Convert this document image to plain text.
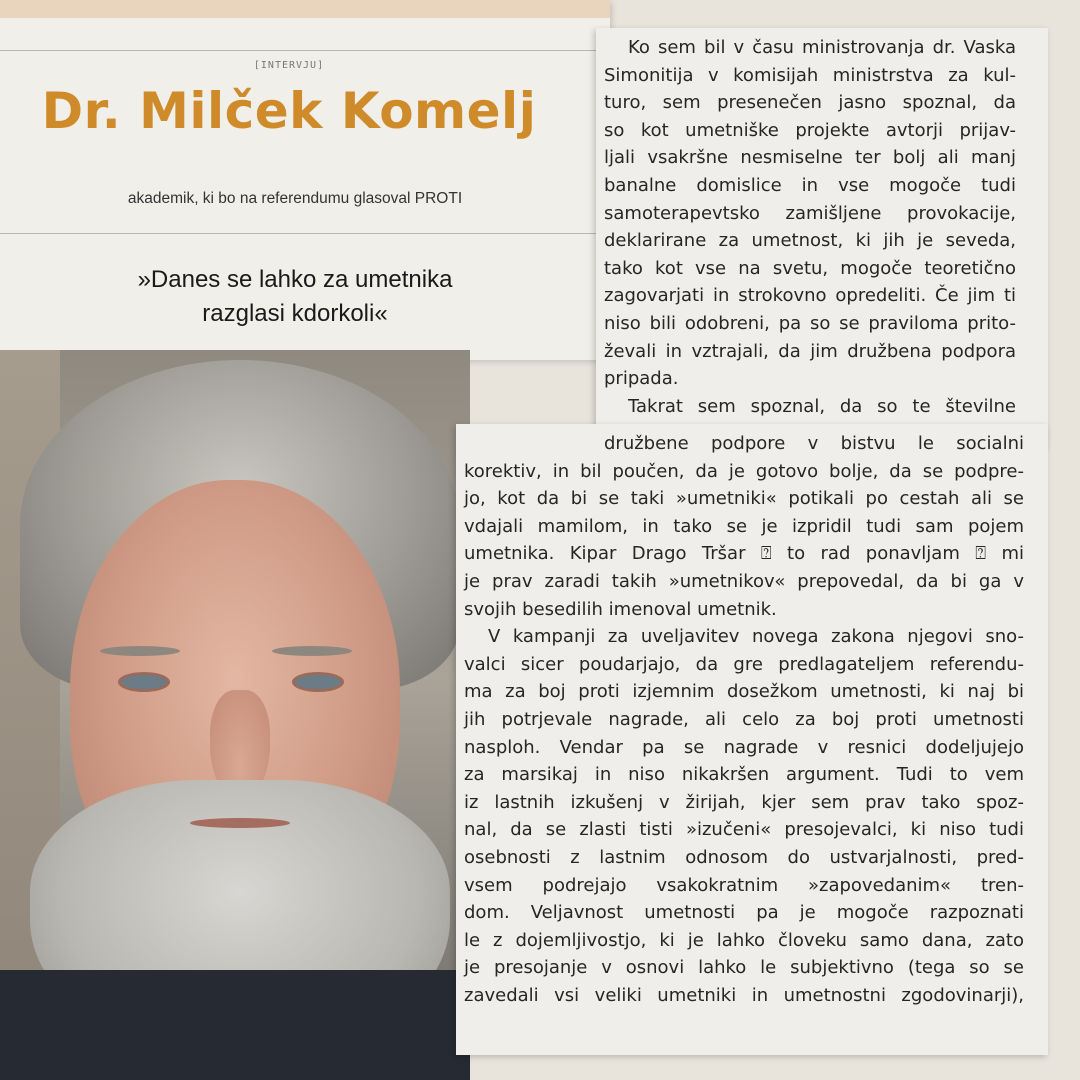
[INTERVJU]
Dr. Milček Komelj
akademik, ki bo na referendumu glasoval PROTI
»Danes se lahko za umetnika
razglasi kdorkoli«
Ko sem bil v času ministrovanja dr. Vaska
Simonitija v komisijah ministrstva za kul-
turo, sem presenečen jasno spoznal, da
so kot umetniške projekte avtorji prijav-
ljali vsakršne nesmiselne ter bolj ali manj
banalne domislice in vse mogoče tudi
samoterapevtsko zamišljene provokacije,
deklarirane za umetnost, ki jih je seveda,
tako kot vse na svetu, mogoče teoretično
zagovarjati in strokovno opredeliti. Če jim ti
niso bili odobreni, pa so se praviloma prito-
ževali in vztrajali, da jim družbena podpora
pripada.
Takrat sem spoznal, da so te številne
družbene podpore v bistvu le socialni
korektiv, in bil poučen, da je gotovo bolje, da se podpre-
jo, kot da bi se taki »umetniki« potikali po cestah ali se
vdajali mamilom, in tako se je izpridil tudi sam pojem
umetnika. Kipar Drago Tršar ⍰ to rad ponavljam ⍰ mi
je prav zaradi takih »umetnikov« prepovedal, da bi ga v
svojih besedilih imenoval umetnik.
V kampanji za uveljavitev novega zakona njegovi sno-
valci sicer poudarjajo, da gre predlagateljem referendu-
ma za boj proti izjemnim dosežkom umetnosti, ki naj bi
jih potrjevale nagrade, ali celo za boj proti umetnosti
nasploh. Vendar pa se nagrade v resnici dodeljujejo
za marsikaj in niso nikakršen argument. Tudi to vem
iz lastnih izkušenj v žirijah, kjer sem prav tako spoz-
nal, da se zlasti tisti »izučeni« presojevalci, ki niso tudi
osebnosti z lastnim odnosom do ustvarjalnosti, pred-
vsem podrejajo vsakokratnim »zapovedanim« tren-
dom. Veljavnost umetnosti pa je mogoče razpoznati
le z dojemljivostjo, ki je lahko človeku samo dana, zato
je presojanje v osnovi lahko le subjektivno (tega so se
zavedali vsi veliki umetniki in umetnostni zgodovinarji),
